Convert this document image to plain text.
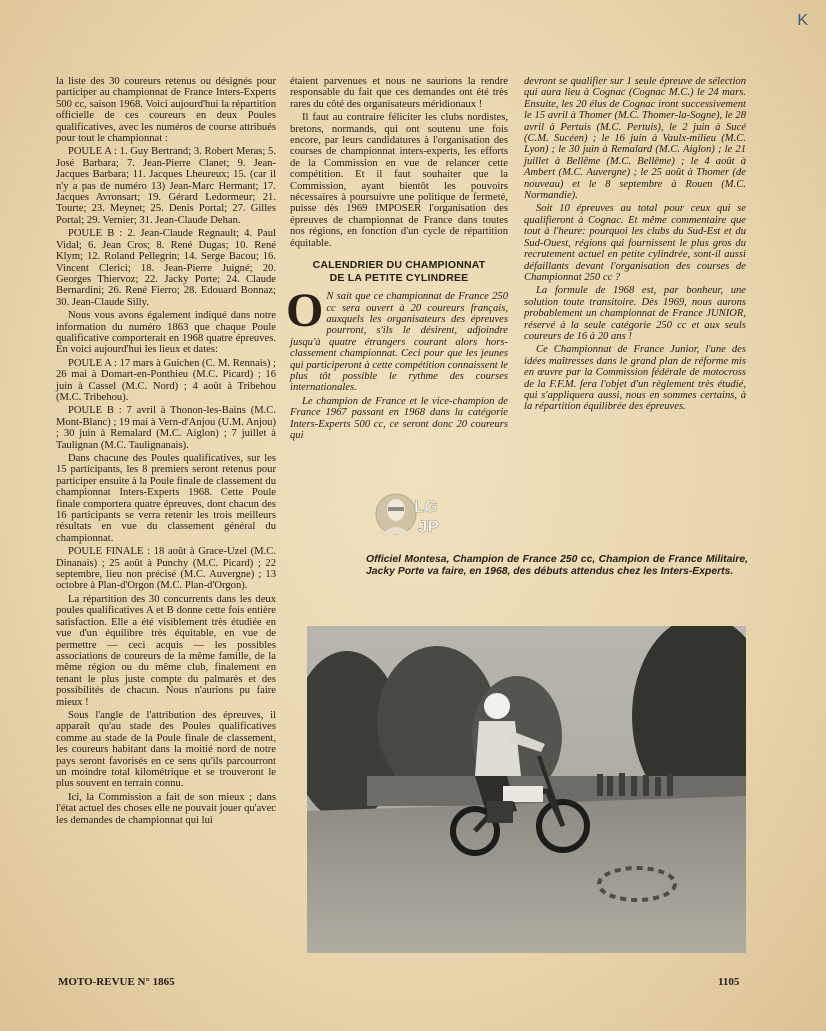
K

la liste des 30 coureurs retenus ou désignés pour participer au championnat de France Inters-Experts 500 cc, saison 1968. Voici aujourd'hui la répartition officielle de ces coureurs en deux Poules qualificatives, avec les numéros de course attribués pour tout le championnat :

POULE A : 1. Guy Bertrand; 3. Robert Meras; 5. José Barbara; 7. Jean-Pierre Clanet; 9. Jean-Jacques Barbara; 11. Jacques Lheureux; 15. (car il n'y a pas de numéro 13) Jean-Marc Hermant; 17. Jacques Avronsart; 19. Gérard Ledormeur; 21. Tourte; 23. Meynet; 25. Denis Portal; 27. Gilles Portal; 29. Vernier; 31. Jean-Claude Dehan.

POULE B : 2. Jean-Claude Regnault; 4. Paul Vidal; 6. Jean Cros; 8. René Dugas; 10. René Klym; 12. Roland Pellegrin; 14. Serge Bacou; 16. Vincent Clerici; 18. Jean-Pierre Juigné; 20. Georges Thiervoz; 22. Jacky Porte; 24. Claude Bernardini; 26. René Fierro; 28. Edouard Bonnaz; 30. Jean-Claude Silly.

Nous vous avons également indiqué dans notre information du numéro 1863 que chaque Poule qualificative comporterait en 1968 quatre épreuves. En voici aujourd'hui les lieux et dates:

POULE A : 17 mars à Guichen (C. M. Rennais) ; 26 mai à Domart-en-Ponthieu (M.C. Picard) ; 16 juin à Cassel (M.C. Nord) ; 4 août à Tribehou (M.C. Tribehou).

POULE B : 7 avril à Thonon-les-Bains (M.C. Mont-Blanc) ; 19 mai à Vern-d'Anjou (U.M. Anjou) ; 30 juin à Remalard (M.C. Aiglon) ; 7 juillet à Taulignan (M.C. Taulignanais).

Dans chacune des Poules qualificatives, sur les 15 participants, les 8 premiers seront retenus pour participer ensuite à la Poule finale de classement du championnat Inters-Experts 1968. Cette Poule finale comportera quatre épreuves, dont chacun des 16 participants se verra retenir les trois meilleurs résultats en vue du classement général du championnat.

POULE FINALE : 18 août à Grace-Uzel (M.C. Dinanais) ; 25 août à Punchy (M.C. Picard) ; 22 septembre, lieu non précisé (M.C. Auvergne) ; 13 octobre à Plan-d'Orgon (M.C. Plan-d'Orgon).

La répartition des 30 concurrents dans les deux poules qualificatives A et B donne cette fois entière satisfaction. Elle a été visiblement très étudiée en vue d'un équilibre très équitable, en vue de permettre — ceci acquis — les possibles associations de coureurs de la même famille, de la même région ou du même club, finalement en tenant le plus juste compte du palmarès et des possibilités de chacun. Nous n'aurions pu faire mieux !

Sous l'angle de l'attribution des épreuves, il apparaît qu'au stade des Poules qualificatives comme au stade de la Poule finale de classement, les coureurs habitant dans la moitié nord de notre pays seront favorisés en ce sens qu'ils parcourront un moindre total kilométrique et se trouveront le plus souvent en terrain connu.

Ici, la Commission a fait de son mieux ; dans l'état actuel des choses elle ne pouvait jouer qu'avec les demandes de championnat qui lui

étaient parvenues et nous ne saurions la rendre responsable du fait que ces demandes ont été très rares du côté des organisateurs méridionaux !

Il faut au contraire féliciter les clubs nordistes, bretons, normands, qui ont soutenu une fois encore, par leurs candidatures à l'organisation des courses de championnat inters-experts, les efforts de la Commission en vue de relancer cette compétition. Et il faut souhaiter que la Commission, ayant bientôt les pouvoirs nécessaires à poursuivre une politique de fermeté, puisse dès 1969 IMPOSER l'organisation des épreuves de championnat de France dans toutes nos régions, en fonction d'un cycle de répartition équitable.

CALENDRIER DU CHAMPIONNAT
DE LA PETITE CYLINDREE
O N sait que ce championnat de France 250 cc sera ouvert à 20 coureurs français, auxquels les organisateurs des épreuves pourront, s'ils le désirent, adjoindre jusqu'à quatre étrangers courant alors hors-classement championnat. Ceci pour que les jeunes qui participeront à cette compétition connaissent le plus tôt possible le rythme des courses internationales.

Le champion de France et le vice-champion de France 1967 passant en 1968 dans la catégorie Inters-Experts 500 cc, ce seront donc 20 coureurs qui

devront se qualifier sur 1 seule épreuve de sélection qui aura lieu à Cognac (Cognac M.C.) le 24 mars. Ensuite, les 20 élus de Cognac iront successivement le 15 avril à Thomer (M.C. Thomer-la-Sogne), le 28 avril à Pertuis (M.C. Pertuis), le 2 juin à Sucé (C.M. Sucéen) ; le 16 juin à Vaulx-milieu (M.C. Lyon) ; le 30 juin à Remalard (M.C. Aiglon) ; le 21 juillet à Bellême (M.C. Bellême) ; le 4 août à Ambert (M.C. Auvergne) ; le 25 août à Thomer (de nouveau) et le 8 septembre à Rouen (M.C. Normandie).

Soit 10 épreuves au total pour ceux qui se qualifieront à Cognac. Et même commentaire que tout à l'heure: pourquoi les clubs du Sud-Est et du Sud-Ouest, régions qui fournissent le plus gros du recrutement actuel en petite cylindrée, sont-il aussi défaillants devant l'organisation des courses de Championnat 250 cc ?

La formule de 1968 est, par bonheur, une solution toute transitoire. Dès 1969, nous aurons probablement un championnat de France JUNIOR, réservé à la seule catégorie 250 cc et aux seuls coureurs de 16 à 20 ans !

Ce Championnat de France Junior, l'une des idées maîtresses dans le grand plan de réforme mis en œuvre par la Commission fédérale de motocross de la F.F.M. fera l'objet d'un règlement très étudié, qui s'appliquera aussi, nous en sommes certains, à la répartition équilibrée des épreuves.

LG
JP
Officiel Montesa, Champion de France 250 cc, Champion de France Militaire, Jacky Porte va faire, en 1968, des débuts attendus chez les Inters-Experts.
MOTO-REVUE N° 1865	1105
